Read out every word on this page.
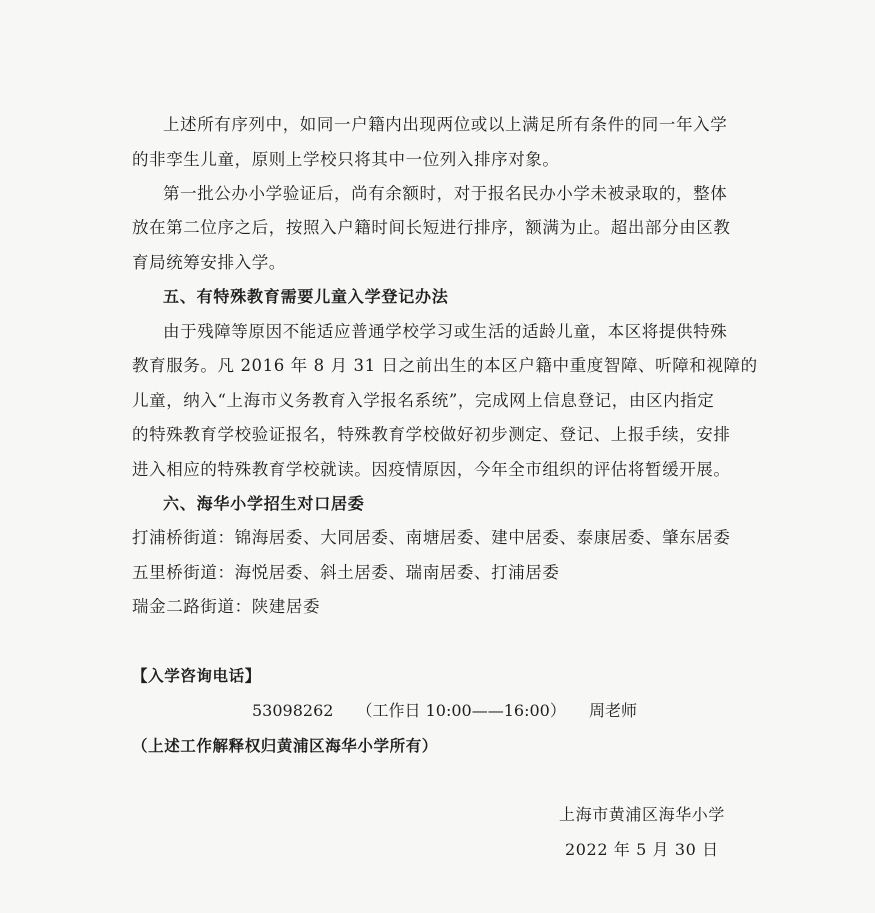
上述所有序列中，如同一户籍内出现两位或以上满足所有条件的同一年入学
的非孪生儿童，原则上学校只将其中一位列入排序对象。
第一批公办小学验证后，尚有余额时，对于报名民办小学未被录取的，整体
放在第二位序之后，按照入户籍时间长短进行排序，额满为止。超出部分由区教
育局统筹安排入学。
五、有特殊教育需要儿童入学登记办法
由于残障等原因不能适应普通学校学习或生活的适龄儿童，本区将提供特殊
教育服务。凡 2016 年 8 月 31 日之前出生的本区户籍中重度智障、听障和视障的
儿童，纳入“上海市义务教育入学报名系统”，完成网上信息登记，由区内指定
的特殊教育学校验证报名，特殊教育学校做好初步测定、登记、上报手续，安排
进入相应的特殊教育学校就读。因疫情原因，今年全市组织的评估将暂缓开展。
六、海华小学招生对口居委
打浦桥街道：锦海居委、大同居委、南塘居委、建中居委、泰康居委、肇东居委
五里桥街道：海悦居委、斜土居委、瑞南居委、打浦居委
瑞金二路街道：陕建居委
【入学咨询电话】
53098262 （工作日 10:00——16:00） 周老师
（上述工作解释权归黄浦区海华小学所有）
上海市黄浦区海华小学
2022 年 5 月 30 日
